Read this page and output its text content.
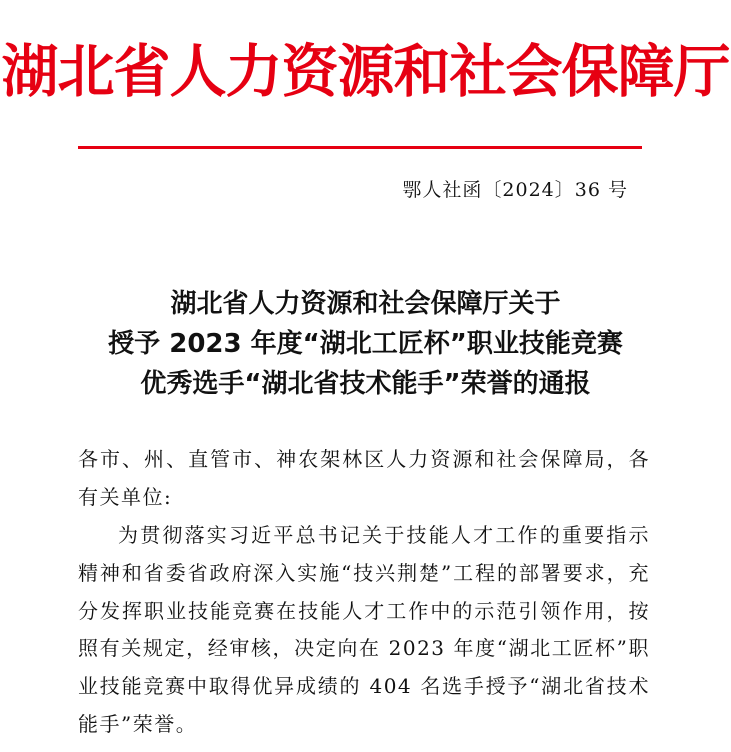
湖北省人力资源和社会保障厅
鄂人社函〔2024〕36 号
湖北省人力资源和社会保障厅关于
授予 2023 年度“湖北工匠杯”职业技能竞赛
优秀选手“湖北省技术能手”荣誉的通报
各市、州、直管市、神农架林区人力资源和社会保障局，各有关单位:
为贯彻落实习近平总书记关于技能人才工作的重要指示精神和省委省政府深入实施“技兴荆楚”工程的部署要求，充分发挥职业技能竞赛在技能人才工作中的示范引领作用，按照有关规定，经审核，决定向在 2023 年度“湖北工匠杯”职业技能竞赛中取得优异成绩的 404 名选手授予“湖北省技术能手”荣誉。
